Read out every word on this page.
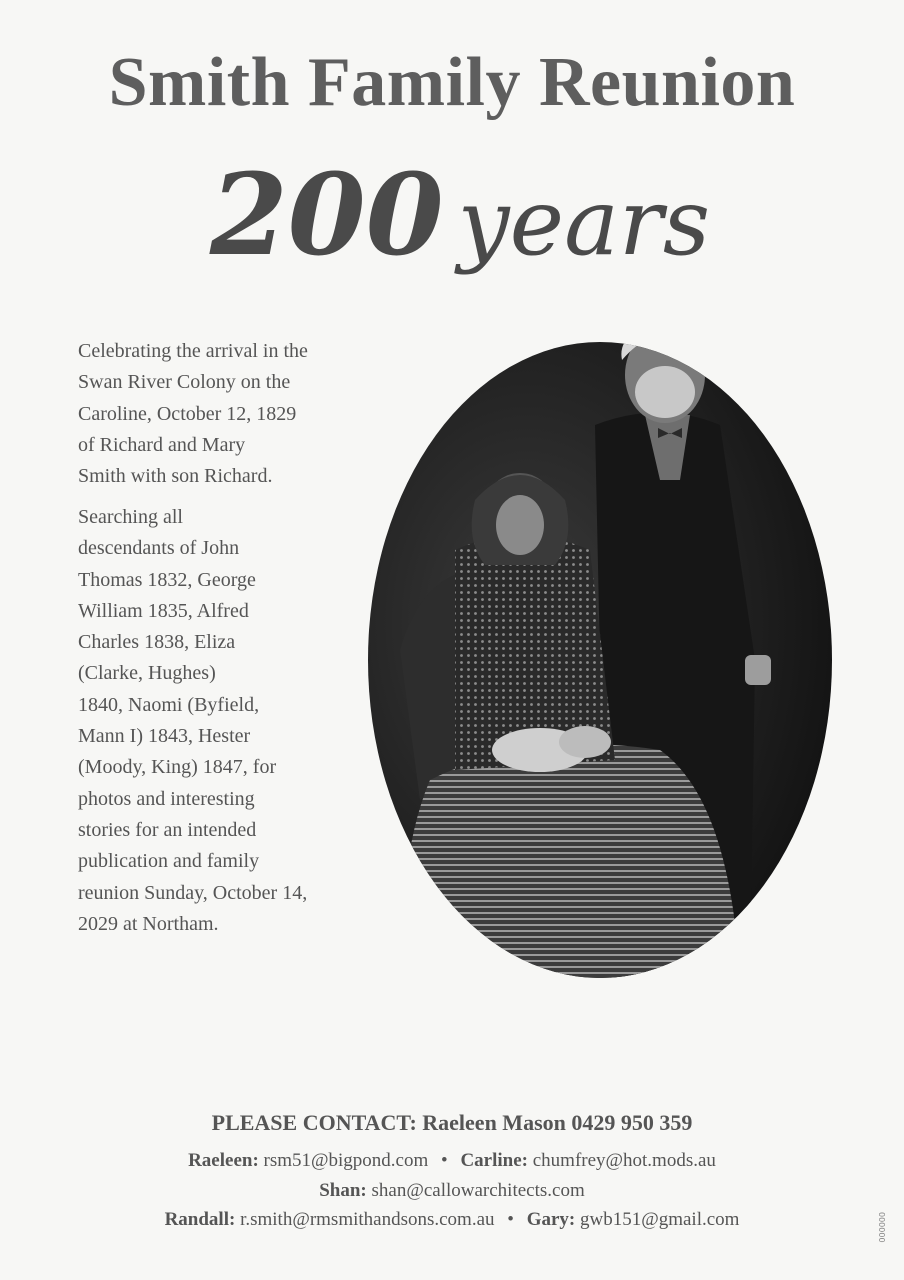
Smith Family Reunion
200 years

Celebrating the arrival in the
Swan River Colony on the
Caroline, October 12, 1829
of Richard and Mary
Smith with son Richard.

Searching all
descendants of John
Thomas 1832, George
William 1835, Alfred
Charles 1838, Eliza
(Clarke, Hughes)
1840, Naomi (Byfield,
Mann I) 1843, Hester
(Moody, King) 1847, for
photos and interesting
stories for an intended
publication and family
reunion Sunday, October 14,
2029 at Northam.

PLEASE CONTACT: Raeleen Mason 0429 950 359
Raeleen: rsm51@bigpond.com • Carline: chumfrey@hot.mods.au
Shan: shan@callowarchitects.com
Randall: r.smith@rmsmithandsons.com.au • Gary: gwb151@gmail.com	000000
